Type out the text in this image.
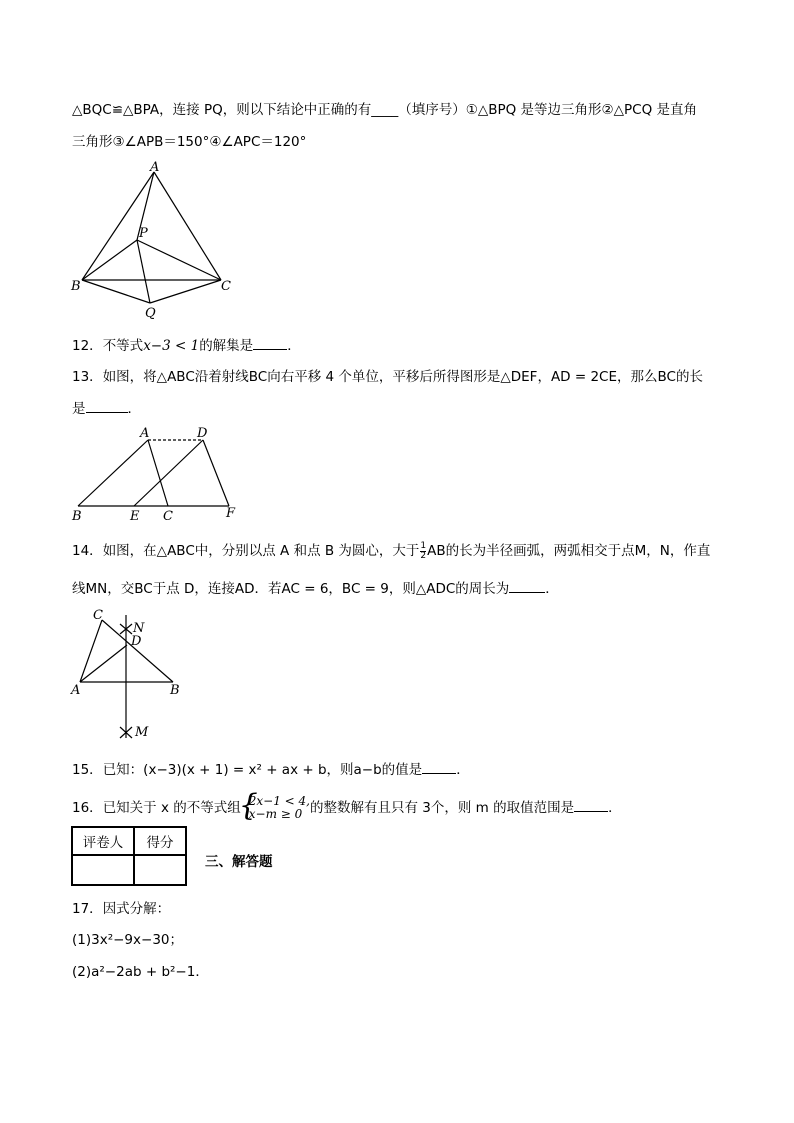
△BQC≌△BPA，连接 PQ，则以下结论中正确的有____（填序号）①△BPQ 是等边三角形②△PCQ 是直角
三角形③∠APB＝150°④∠APC＝120°
A
P
B	C
Q
12．不等式x−3 < 1的解集是	．
13．如图，将△ABC沿着射线BC向右平移 4 个单位，平移后所得图形是△DEF，AD = 2CE，那么BC的长
是	．
A	D
B	E C	F
14．如图，在△ABC中，分别以点 A 和点 B 为圆心，大于 $\frac{1}{2}$ AB的长为半径画弧，两弧相交于点M，N，作直
线MN，交BC于点 D，连接AD．若AC = 6，BC = 9，则△ADC的周长为	．
C
N
D
A	B
M
15．已知：(x−3)(x + 1) = x² + ax + b，则a−b的值是	．
16．已知关于 x 的不等式组 { 2x−1 < 4,
x−m ≥ 0 的整数解有且只有 3个，则 m 的取值范围是	．
评卷人	得分

三、解答题
17．因式分解：
(1)3x²−9x−30；
(2)a²−2ab + b²−1．
